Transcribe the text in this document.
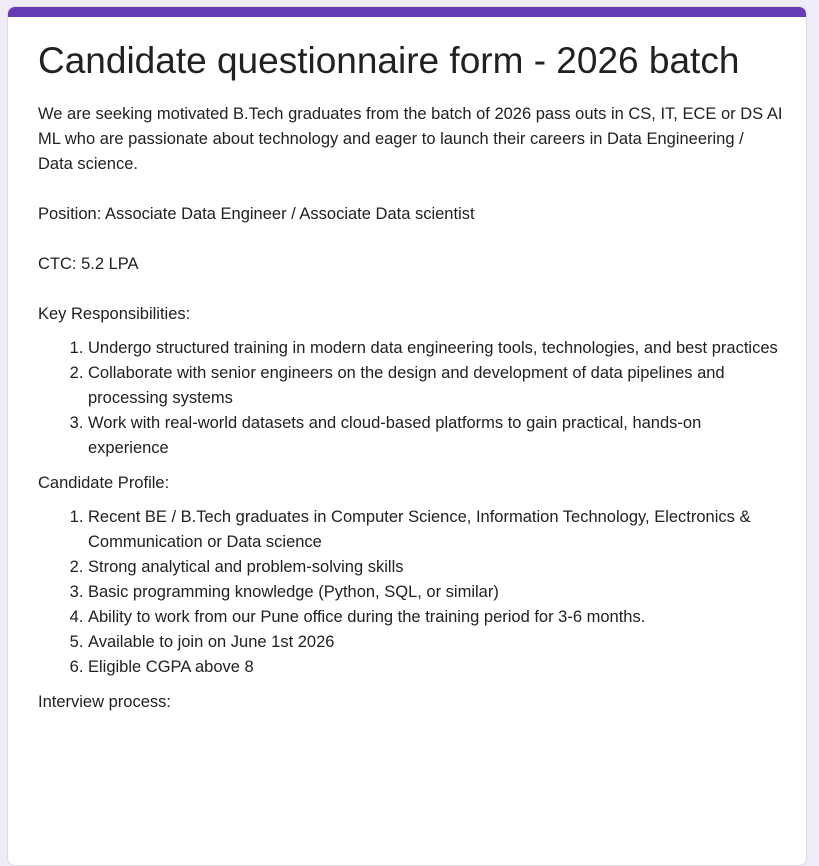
Candidate questionnaire form - 2026 batch

We are seeking motivated B.Tech graduates from the batch of 2026 pass outs in CS, IT, ECE or DS AI ML who are passionate about technology and eager to launch their careers in Data Engineering / Data science.

Position: Associate Data Engineer / Associate Data scientist

CTC: 5.2 LPA

Key Responsibilities:

1. Undergo structured training in modern data engineering tools, technologies, and best practices
2. Collaborate with senior engineers on the design and development of data pipelines and processing systems
3. Work with real-world datasets and cloud-based platforms to gain practical, hands-on experience

Candidate Profile:

1. Recent BE / B.Tech graduates in Computer Science, Information Technology, Electronics & Communication or Data science
2. Strong analytical and problem-solving skills
3. Basic programming knowledge (Python, SQL, or similar)
4. Ability to work from our Pune office during the training period for 3-6 months.
5. Available to join on June 1st 2026
6. Eligible CGPA above 8

Interview process:
